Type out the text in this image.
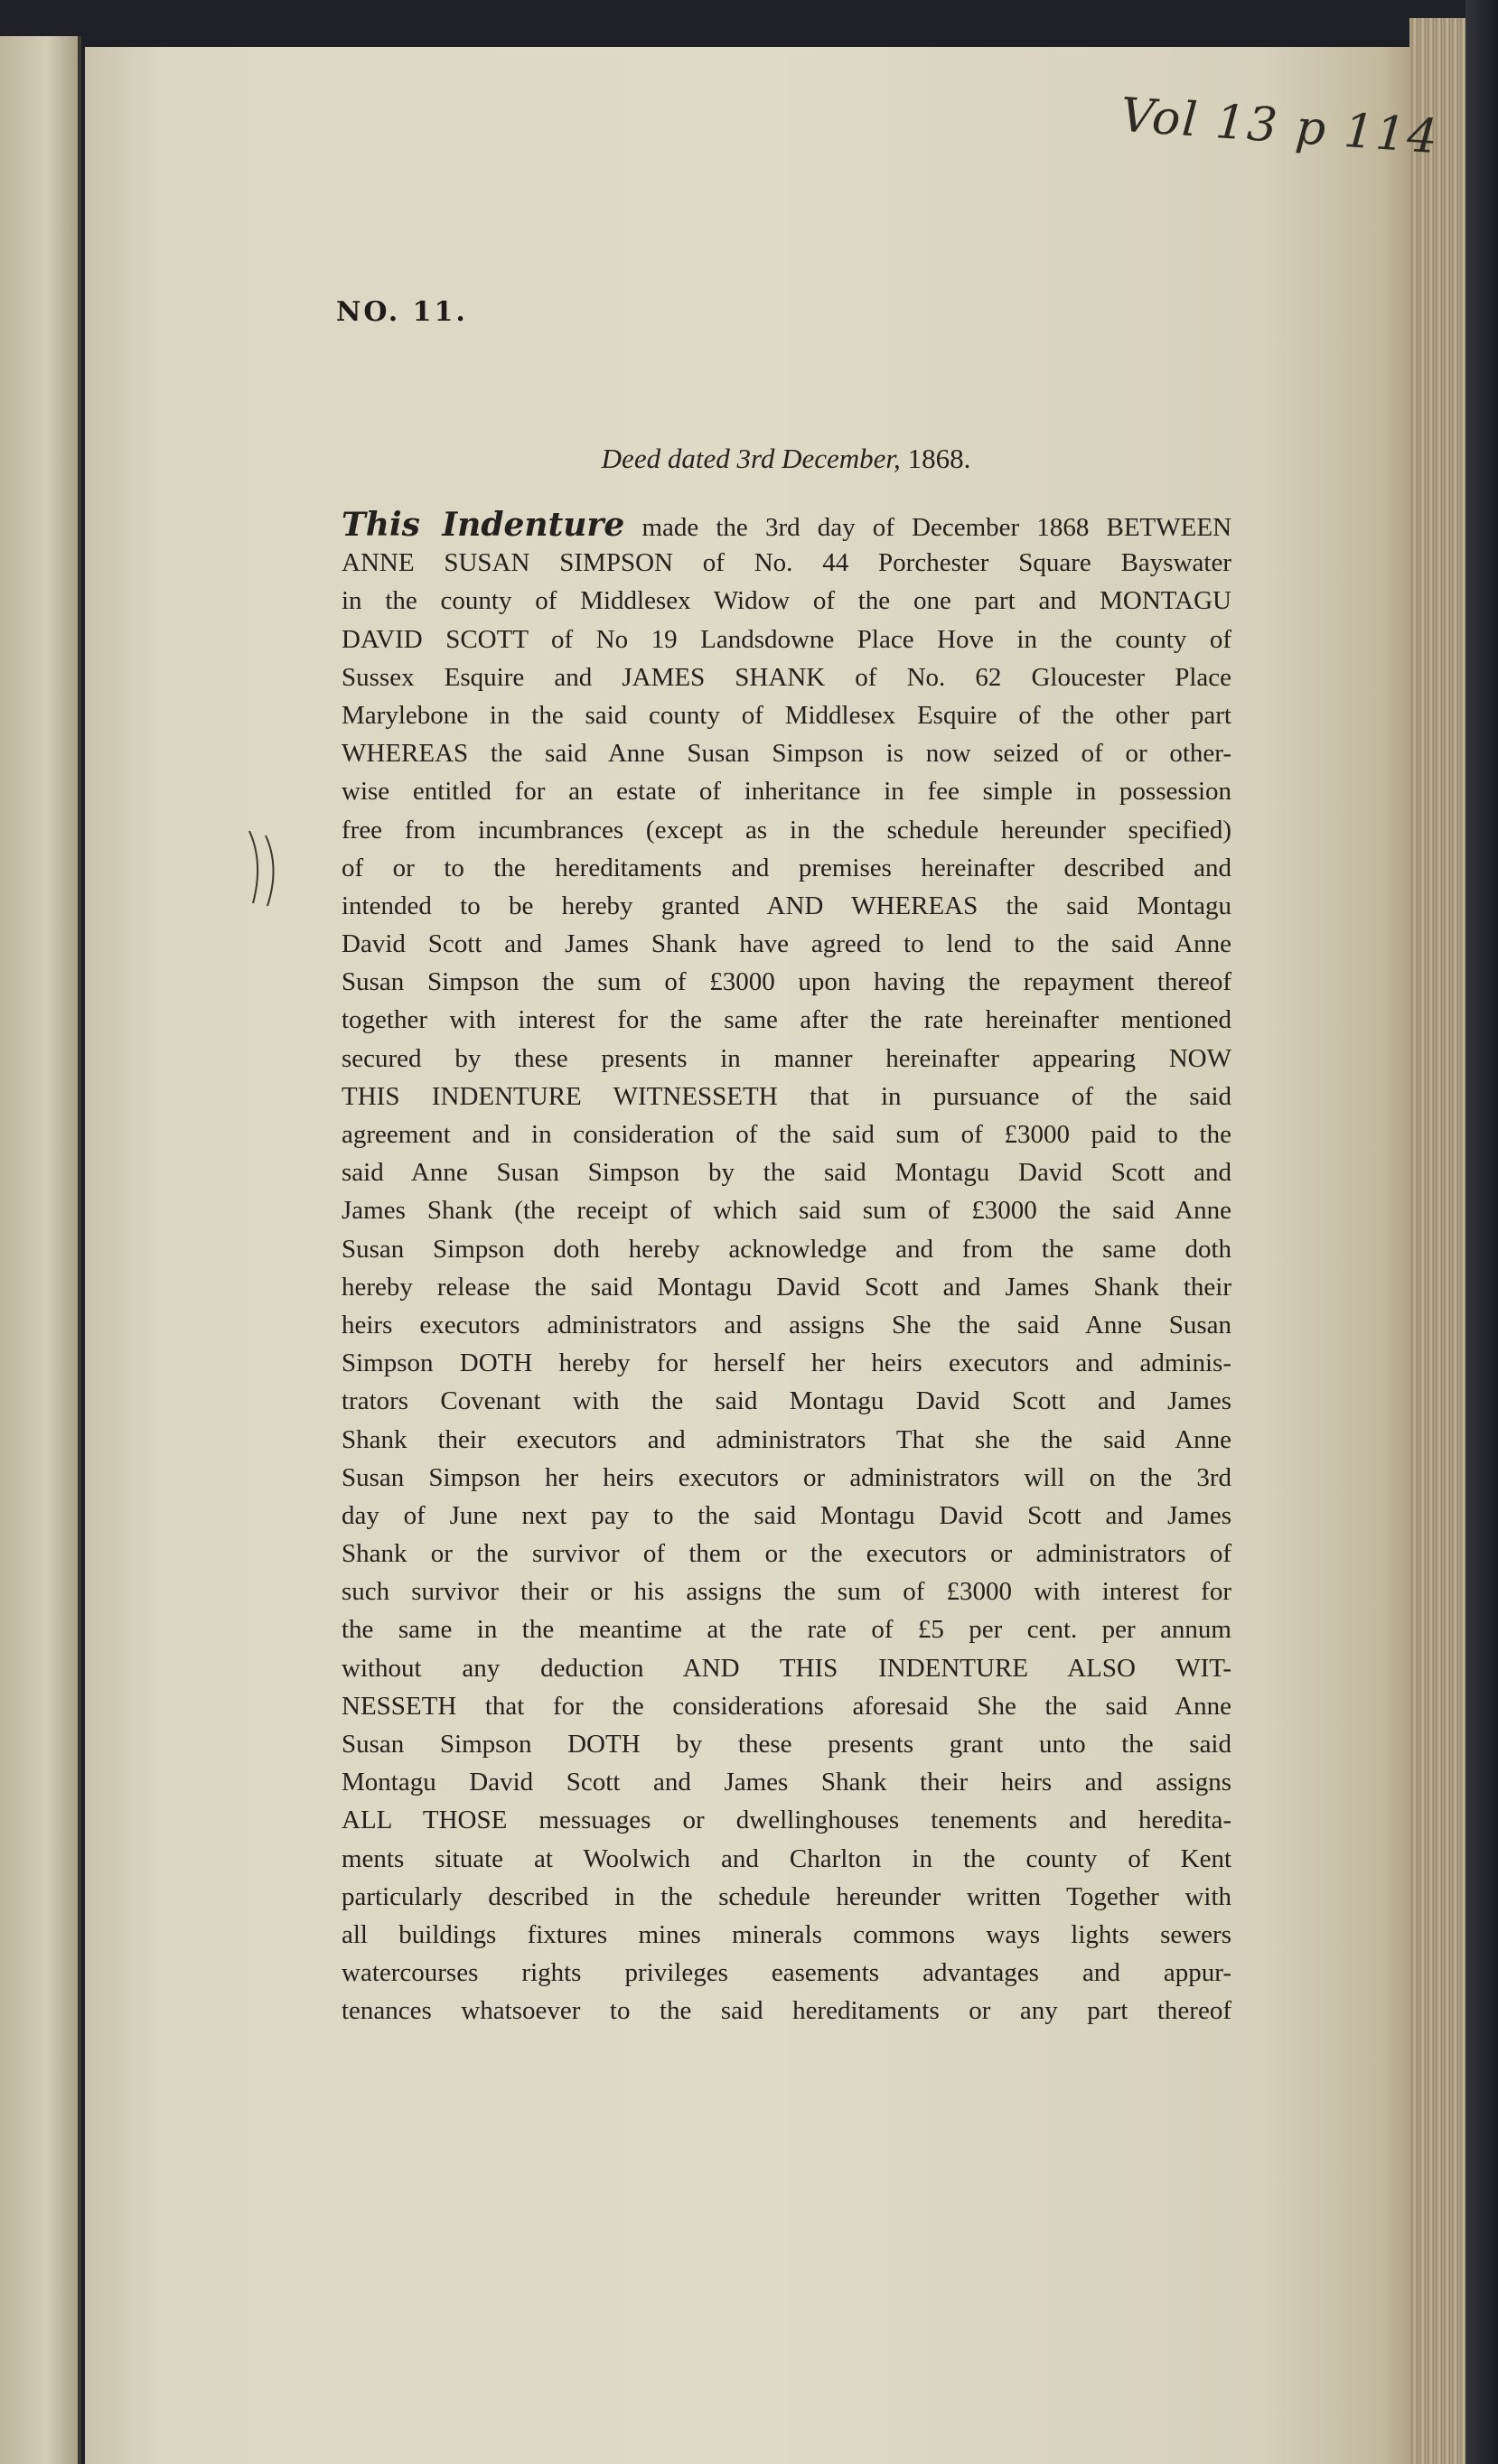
Vol 13 p 114
NO. 11.
Deed dated 3rd December, 1868.
This Indenture made the 3rd day of December 1868 BETWEEN
ANNE SUSAN SIMPSON of No. 44 Porchester Square Bayswater
in the county of Middlesex Widow of the one part and MONTAGU
DAVID SCOTT of No 19 Landsdowne Place Hove in the county of
Sussex Esquire and JAMES SHANK of No. 62 Gloucester Place
Marylebone in the said county of Middlesex Esquire of the other part
WHEREAS the said Anne Susan Simpson is now seized of or other-
wise entitled for an estate of inheritance in fee simple in possession
free from incumbrances (except as in the schedule hereunder specified)
of or to the hereditaments and premises hereinafter described and
intended to be hereby granted AND WHEREAS the said Montagu
David Scott and James Shank have agreed to lend to the said Anne
Susan Simpson the sum of £3000 upon having the repayment thereof
together with interest for the same after the rate hereinafter mentioned
secured by these presents in manner hereinafter appearing NOW
THIS INDENTURE WITNESSETH that in pursuance of the said
agreement and in consideration of the said sum of £3000 paid to the
said Anne Susan Simpson by the said Montagu David Scott and
James Shank (the receipt of which said sum of £3000 the said Anne
Susan Simpson doth hereby acknowledge and from the same doth
hereby release the said Montagu David Scott and James Shank their
heirs executors administrators and assigns She the said Anne Susan
Simpson DOTH hereby for herself her heirs executors and adminis-
trators Covenant with the said Montagu David Scott and James
Shank their executors and administrators That she the said Anne
Susan Simpson her heirs executors or administrators will on the 3rd
day of June next pay to the said Montagu David Scott and James
Shank or the survivor of them or the executors or administrators of
such survivor their or his assigns the sum of £3000 with interest for
the same in the meantime at the rate of £5 per cent. per annum
without any deduction AND THIS INDENTURE ALSO WIT-
NESSETH that for the considerations aforesaid She the said Anne
Susan Simpson DOTH by these presents grant unto the said
Montagu David Scott and James Shank their heirs and assigns
ALL THOSE messuages or dwellinghouses tenements and heredita-
ments situate at Woolwich and Charlton in the county of Kent
particularly described in the schedule hereunder written Together with
all buildings fixtures mines minerals commons ways lights sewers
watercourses rights privileges easements advantages and appur-
tenances whatsoever to the said hereditaments or any part thereof
